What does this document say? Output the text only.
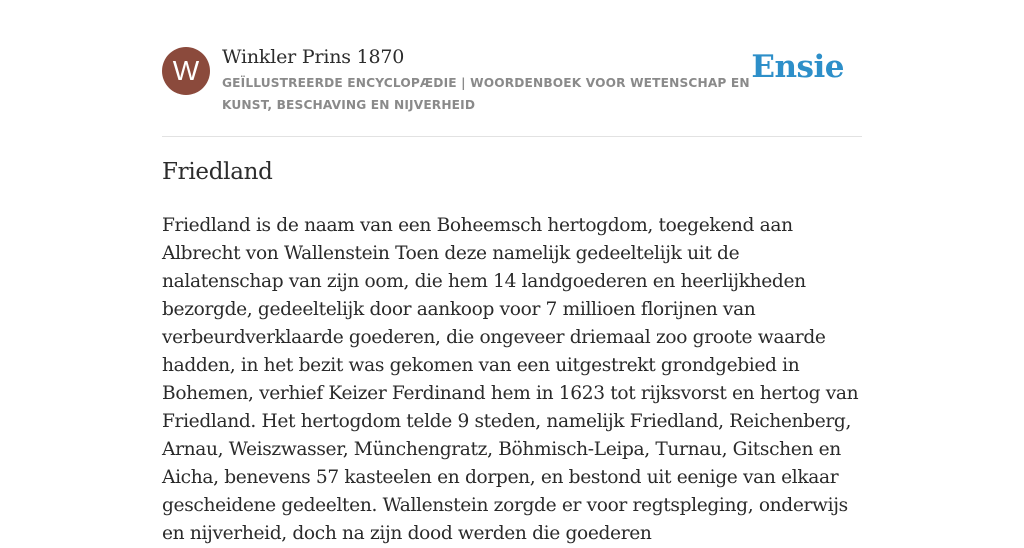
W	Winkler Prins 1870
GEÏLLUSTREERDE ENCYCLOPÆDIE | WOORDENBOEK VOOR WETENSCHAP EN KUNST, BESCHAVING EN NIJVERHEID
Ensie
Friedland

Friedland is de naam van een Boheemsch hertogdom, toegekend aan Albrecht von Wallenstein Toen deze namelijk gedeeltelijk uit de nalatenschap van zijn oom, die hem 14 landgoederen en heerlijkheden bezorgde, gedeeltelijk door aankoop voor 7 millioen florijnen van verbeurdverklaarde goederen, die ongeveer driemaal zoo groote waarde hadden, in het bezit was gekomen van een uitgestrekt grondgebied in Bohemen, verhief Keizer Ferdinand hem in 1623 tot rijksvorst en hertog van Friedland. Het hertogdom telde 9 steden, namelijk Friedland, Reichenberg, Arnau, Weiszwasser, Münchengratz, Böhmisch-Leipa, Turnau, Gitschen en Aicha, benevens 57 kasteelen en dorpen, en bestond uit eenige van elkaar gescheidene gedeelten. Wallenstein zorgde er voor regtspleging, onderwijs en nijverheid, doch na zijn dood werden die goederen
